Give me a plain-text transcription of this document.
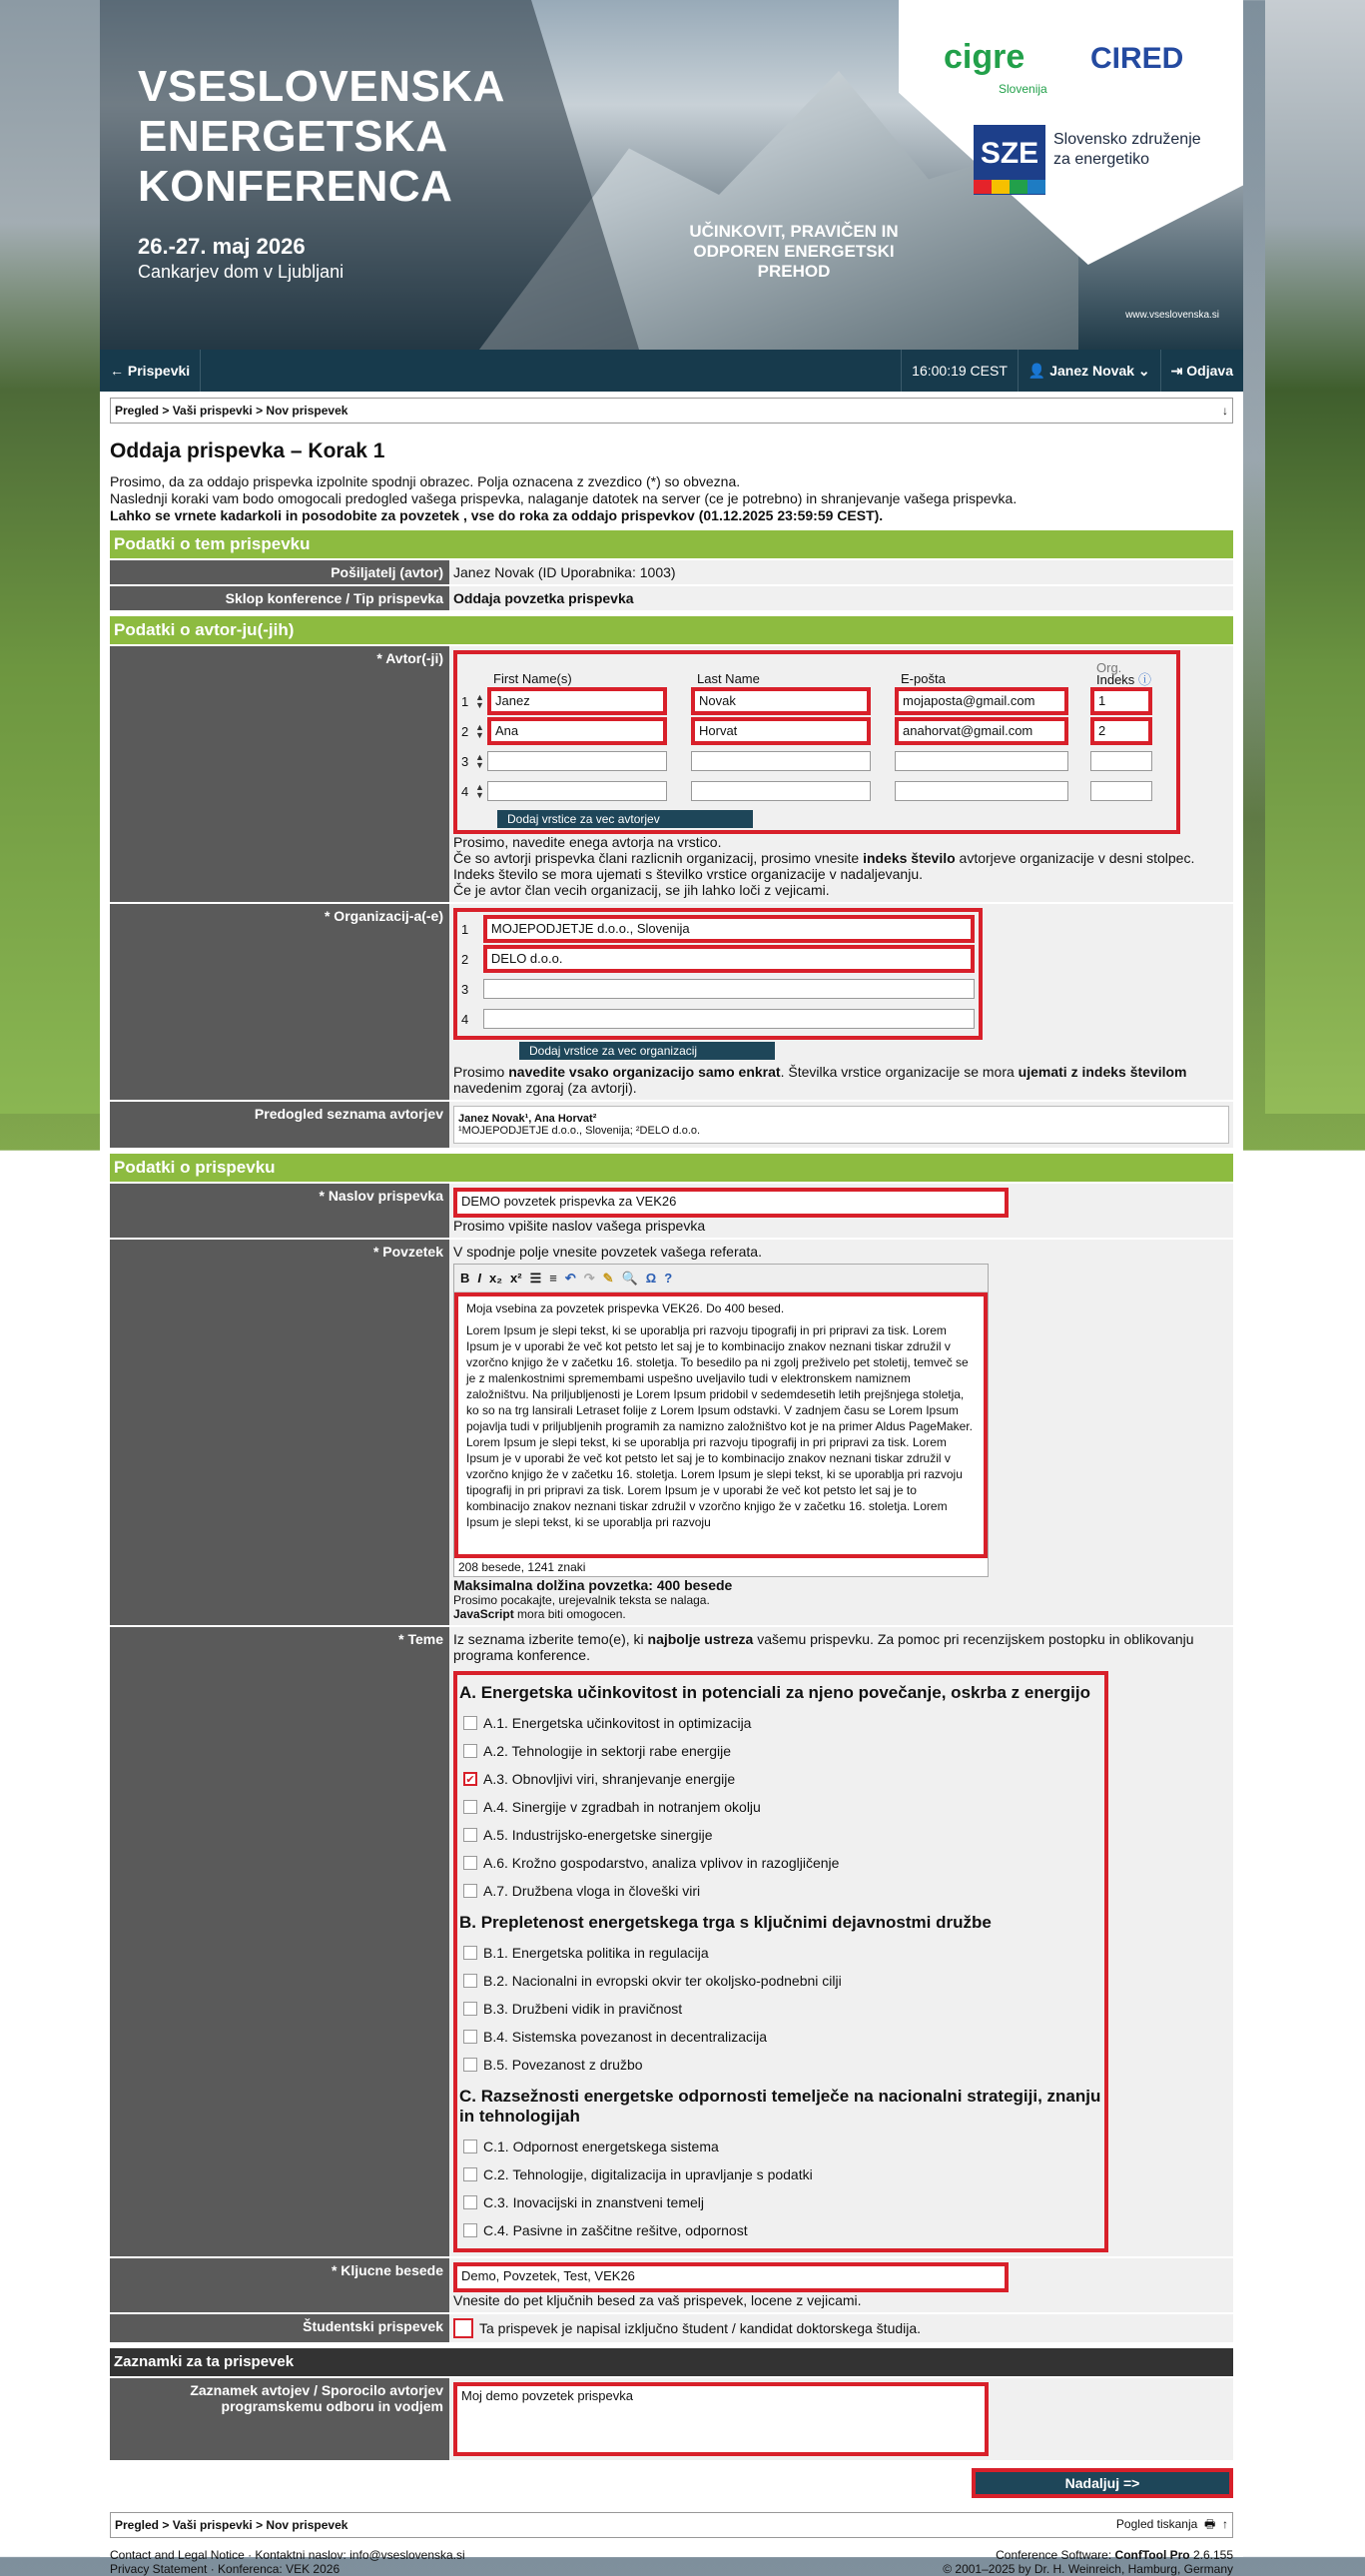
VSESLOVENSKA
ENERGETSKA
KONFERENCA
26.-27. maj 2026
Cankarjev dom v Ljubljani
UČINKOVIT, PRAVIČEN IN ODPOREN ENERGETSKI PREHOD
cigre
Slovenija
CIRED
SZE Slovensko združenje za energetiko
www.vseslovenska.si
← Prispevki	16:00:19 CEST	👤 Janez Novak ⌄ ⇥ Odjava
Pregled > Vaši prispevki > Nov prispevek	↓
Oddaja prispevka – Korak 1
Prosimo, da za oddajo prispevka izpolnite spodnji obrazec. Polja oznacena z zvezdico (*) so obvezna.
Naslednji koraki vam bodo omogocali predogled vašega prispevka, nalaganje datotek na server (ce je potrebno) in shranjevanje vašega prispevka.
Lahko se vrnete kadarkoli in posodobite za povzetek , vse do roka za oddajo prispevkov (01.12.2025 23:59:59 CEST).
Podatki o tem prispevku
Pošiljatelj (avtor) Janez Novak (ID Uporabnika: 1003)
Sklop konference / Tip prispevka Oddaja povzetka prispevka
Podatki o avtor-ju(-jih)
* Avtor(-ji)
First Name(s)	Last Name	E-pošta
Org.
Indeks ⓘ
1 ▲
▼ Janez	Novak	mojaposta@gmail.com	1
2 ▲
▼ Ana	Horvat	anahorvat@gmail.com	2
3 ▲
▼
4 ▲
▼
Dodaj vrstice za vec avtorjev
Prosimo, navedite enega avtorja na vrstico.
Če so avtorji prispevka člani razlicnih organizacij, prosimo vnesite indeks število avtorjeve organizacije v desni stolpec. Indeks število se mora ujemati s številko vrstice organizacije v nadaljevanju.
Če je avtor član vecih organizacij, se jih lahko loči z vejicami.
* Organizacij-a(-e)
1	MOJEPODJETJE d.o.o., Slovenija
2	DELO d.o.o.
3
4
Dodaj vrstice za vec organizacij
Prosimo navedite vsako organizacijo samo enkrat. Številka vrstice organizacije se mora ujemati z indeks številom navedenim zgoraj (za avtorji).
Predogled seznama avtorjev	Janez Novak¹, Ana Horvat²
¹MOJEPODJETJE d.o.o., Slovenija; ²DELO d.o.o.
Podatki o prispevku
* Naslov prispevka	DEMO povzetek prispevka za VEK26
Prosimo vpišite naslov vašega prispevka
* Povzetek V spodnje polje vnesite povzetek vašega referata.
B I x₂ x² ☰ ≡ ↶ ↷ ✎ 🔍 Ω ?
Moja vsebina za povzetek prispevka VEK26. Do 400 besed.
Lorem Ipsum je slepi tekst, ki se uporablja pri razvoju tipografij in pri pripravi za tisk. Lorem Ipsum je v uporabi že več kot petsto let saj je to kombinacijo znakov neznani tiskar združil v vzorčno knjigo že v začetku 16. stoletja. To besedilo pa ni zgolj preživelo pet stoletij, temveč se je z malenkostnimi spremembami uspešno uveljavilo tudi v elektronskem namiznem založništvu. Na priljubljenosti je Lorem Ipsum pridobil v sedemdesetih letih prejšnjega stoletja, ko so na trg lansirali Letraset folije z Lorem Ipsum odstavki. V zadnjem času se Lorem Ipsum pojavlja tudi v priljubljenih programih za namizno založništvo kot je na primer Aldus PageMaker. Lorem Ipsum je slepi tekst, ki se uporablja pri razvoju tipografij in pri pripravi za tisk. Lorem Ipsum je v uporabi že več kot petsto let saj je to kombinacijo znakov neznani tiskar združil v vzorčno knjigo že v začetku 16. stoletja. Lorem Ipsum je slepi tekst, ki se uporablja pri razvoju tipografij in pri pripravi za tisk. Lorem Ipsum je v uporabi že več kot petsto let saj je to kombinacijo znakov neznani tiskar združil v vzorčno knjigo že v začetku 16. stoletja. Lorem Ipsum je slepi tekst, ki se uporablja pri razvoju
208 besede, 1241 znaki
Maksimalna dolžina povzetka: 400 besede
Prosimo pocakajte, urejevalnik teksta se nalaga.
JavaScript mora biti omogocen.
* Teme Iz seznama izberite temo(e), ki najbolje ustreza vašemu prispevku. Za pomoc pri recenzijskem postopku in oblikovanju programa konference.
A. Energetska učinkovitost in potenciali za njeno povečanje, oskrba z energijo
A.1. Energetska učinkovitost in optimizacija
A.2. Tehnologije in sektorji rabe energije
✔ A.3. Obnovljivi viri, shranjevanje energije
A.4. Sinergije v zgradbah in notranjem okolju
A.5. Industrijsko-energetske sinergije
A.6. Krožno gospodarstvo, analiza vplivov in razogljičenje
A.7. Družbena vloga in človeški viri
B. Prepletenost energetskega trga s ključnimi dejavnostmi družbe
B.1. Energetska politika in regulacija
B.2. Nacionalni in evropski okvir ter okoljsko-podnebni cilji
B.3. Družbeni vidik in pravičnost
B.4. Sistemska povezanost in decentralizacija
B.5. Povezanost z družbo
C. Razsežnosti energetske odpornosti temelječe na nacionalni strategiji, znanju in tehnologijah
C.1. Odpornost energetskega sistema
C.2. Tehnologije, digitalizacija in upravljanje s podatki
C.3. Inovacijski in znanstveni temelj
C.4. Pasivne in zaščitne rešitve, odpornost
* Kljucne besede	Demo, Povzetek, Test, VEK26
Vnesite do pet ključnih besed za vaš prispevek, locene z vejicami.
Študentski prispevek	Ta prispevek je napisal izključno študent / kandidat doktorskega študija.
Zaznamki za ta prispevek
Zaznamek avtojev / Sporocilo avtorjev programskemu odboru in vodjem
Moj demo povzetek prispevka
Nadaljuj =>
Pregled > Vaši prispevki > Nov prispevek	Pogled tiskanja  🖶  ↑
Contact and Legal Notice · Kontaktni naslov: info@vseslovenska.si
Privacy Statement · Konferenca: VEK 2026
Conference Software: ConfTool Pro 2.6.155
© 2001–2025 by Dr. H. Weinreich, Hamburg, Germany
